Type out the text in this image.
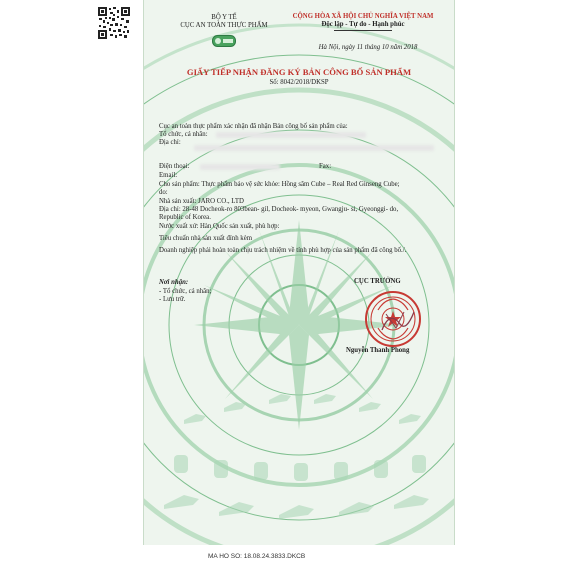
BỘ Y TẾ
CỤC AN TOÀN THỰC PHẨM
CỘNG HÒA XÃ HỘI CHỦ NGHĨA VIỆT NAM
Độc lập - Tự do - Hạnh phúc
Hà Nội, ngày 11 tháng 10 năm 2018
GIẤY TIẾP NHẬN ĐĂNG KÝ BẢN CÔNG BỐ SẢN PHẨM
Số: 8042/2018/DKSP
Cục an toàn thực phẩm xác nhận đã nhận Bản công bố sản phẩm của:
Tổ chức, cá nhân:
Địa chỉ:
Điện thoại:	Fax:
Email:
Cho sản phẩm: Thực phẩm bảo vệ sức khỏe: Hồng sâm Cube – Real Red Ginseng Cube;
do:
Nhà sản xuất: JARO CO., LTD
Địa chỉ: 28-48 Docheok-ro 803bean- gil, Docheok- myeon, Gwangju- si, Gyeonggi- do,
Republic of Korea.
Nước xuất xứ: Hàn Quốc sản xuất, phù hợp:
Tiêu chuẩn nhà sản xuất đính kèm
Doanh nghiệp phải hoàn toàn chịu trách nhiệm về tính phù hợp của sản phẩm đã công bố./.
Nơi nhận:
- Tổ chức, cá nhân;
- Lưu trữ.
CỤC TRƯỞNG
Nguyễn Thanh Phong
MA HO SO: 18.08.24.3833.DKCB
